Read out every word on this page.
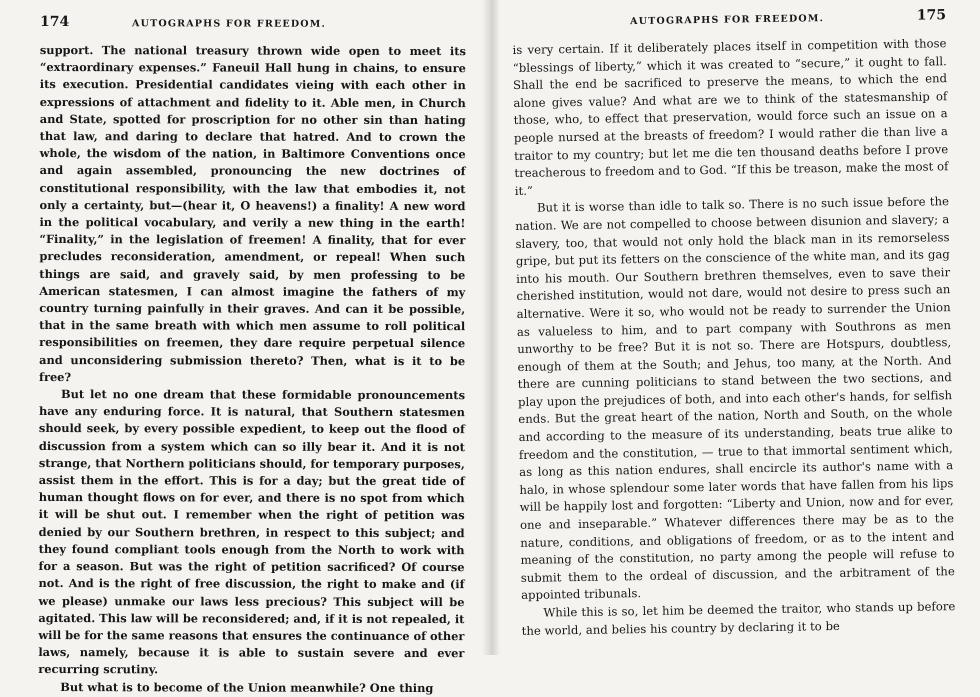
174	AUTOGRAPHS FOR FREEDOM.

support. The national treasury thrown wide open to meet its “extraordinary expenses.” Faneuil Hall hung in chains, to ensure its execution. Presidential candidates vieing with each other in expressions of attachment and fidelity to it. Able men, in Church and State, spotted for proscription for no other sin than hating that law, and daring to declare that hatred. And to crown the whole, the wisdom of the nation, in Baltimore Conventions once and again assembled, pronouncing the new doctrines of constitutional responsibility, with the law that embodies it, not only a certainty, but—(hear it, O heavens!) a finality! A new word in the political vocabulary, and verily a new thing in the earth! “Finality,” in the legislation of freemen! A finality, that for ever precludes reconsideration, amendment, or repeal! When such things are said, and gravely said, by men professing to be American statesmen, I can almost imagine the fathers of my country turning painfully in their graves. And can it be possible, that in the same breath with which men assume to roll political responsibilities on freemen, they dare require perpetual silence and unconsidering submission thereto? Then, what is it to be free?

But let no one dream that these formidable pronouncements have any enduring force. It is natural, that Southern statesmen should seek, by every possible expedient, to keep out the flood of discussion from a system which can so illy bear it. And it is not strange, that Northern politicians should, for temporary purposes, assist them in the effort. This is for a day; but the great tide of human thought flows on for ever, and there is no spot from which it will be shut out. I remember when the right of petition was denied by our Southern brethren, in respect to this subject; and they found compliant tools enough from the North to work with for a season. But was the right of petition sacrificed? Of course not. And is the right of free discussion, the right to make and (if we please) unmake our laws less precious? This subject will be agitated. This law will be reconsidered; and, if it is not repealed, it will be for the same reasons that ensures the continuance of other laws, namely, because it is able to sustain severe and ever recurring scrutiny.

But what is to become of the Union meanwhile? One thing

AUTOGRAPHS FOR FREEDOM.	175

is very certain. If it deliberately places itself in competition with those “blessings of liberty,” which it was created to “secure,” it ought to fall. Shall the end be sacrificed to preserve the means, to which the end alone gives value? And what are we to think of the statesmanship of those, who, to effect that preservation, would force such an issue on a people nursed at the breasts of freedom? I would rather die than live a traitor to my country; but let me die ten thousand deaths before I prove treacherous to freedom and to God. “If this be treason, make the most of it.”

But it is worse than idle to talk so. There is no such issue before the nation. We are not compelled to choose between disunion and slavery; a slavery, too, that would not only hold the black man in its remorseless gripe, but put its fetters on the conscience of the white man, and its gag into his mouth. Our Southern brethren themselves, even to save their cherished institution, would not dare, would not desire to press such an alternative. Were it so, who would not be ready to surrender the Union as valueless to him, and to part company with Southrons as men unworthy to be free? But it is not so. There are Hotspurs, doubtless, enough of them at the South; and Jehus, too many, at the North. And there are cunning politicians to stand between the two sections, and play upon the prejudices of both, and into each other's hands, for selfish ends. But the great heart of the nation, North and South, on the whole and according to the measure of its understanding, beats true alike to freedom and the constitution, — true to that immortal sentiment which, as long as this nation endures, shall encircle its author's name with a halo, in whose splendour some later words that have fallen from his lips will be happily lost and forgotten: “Liberty and Union, now and for ever, one and inseparable.” Whatever differences there may be as to the nature, conditions, and obligations of freedom, or as to the intent and meaning of the constitution, no party among the people will refuse to submit them to the ordeal of discussion, and the arbitrament of the appointed tribunals.

While this is so, let him be deemed the traitor, who stands up before the world, and belies his country by declaring it to be
